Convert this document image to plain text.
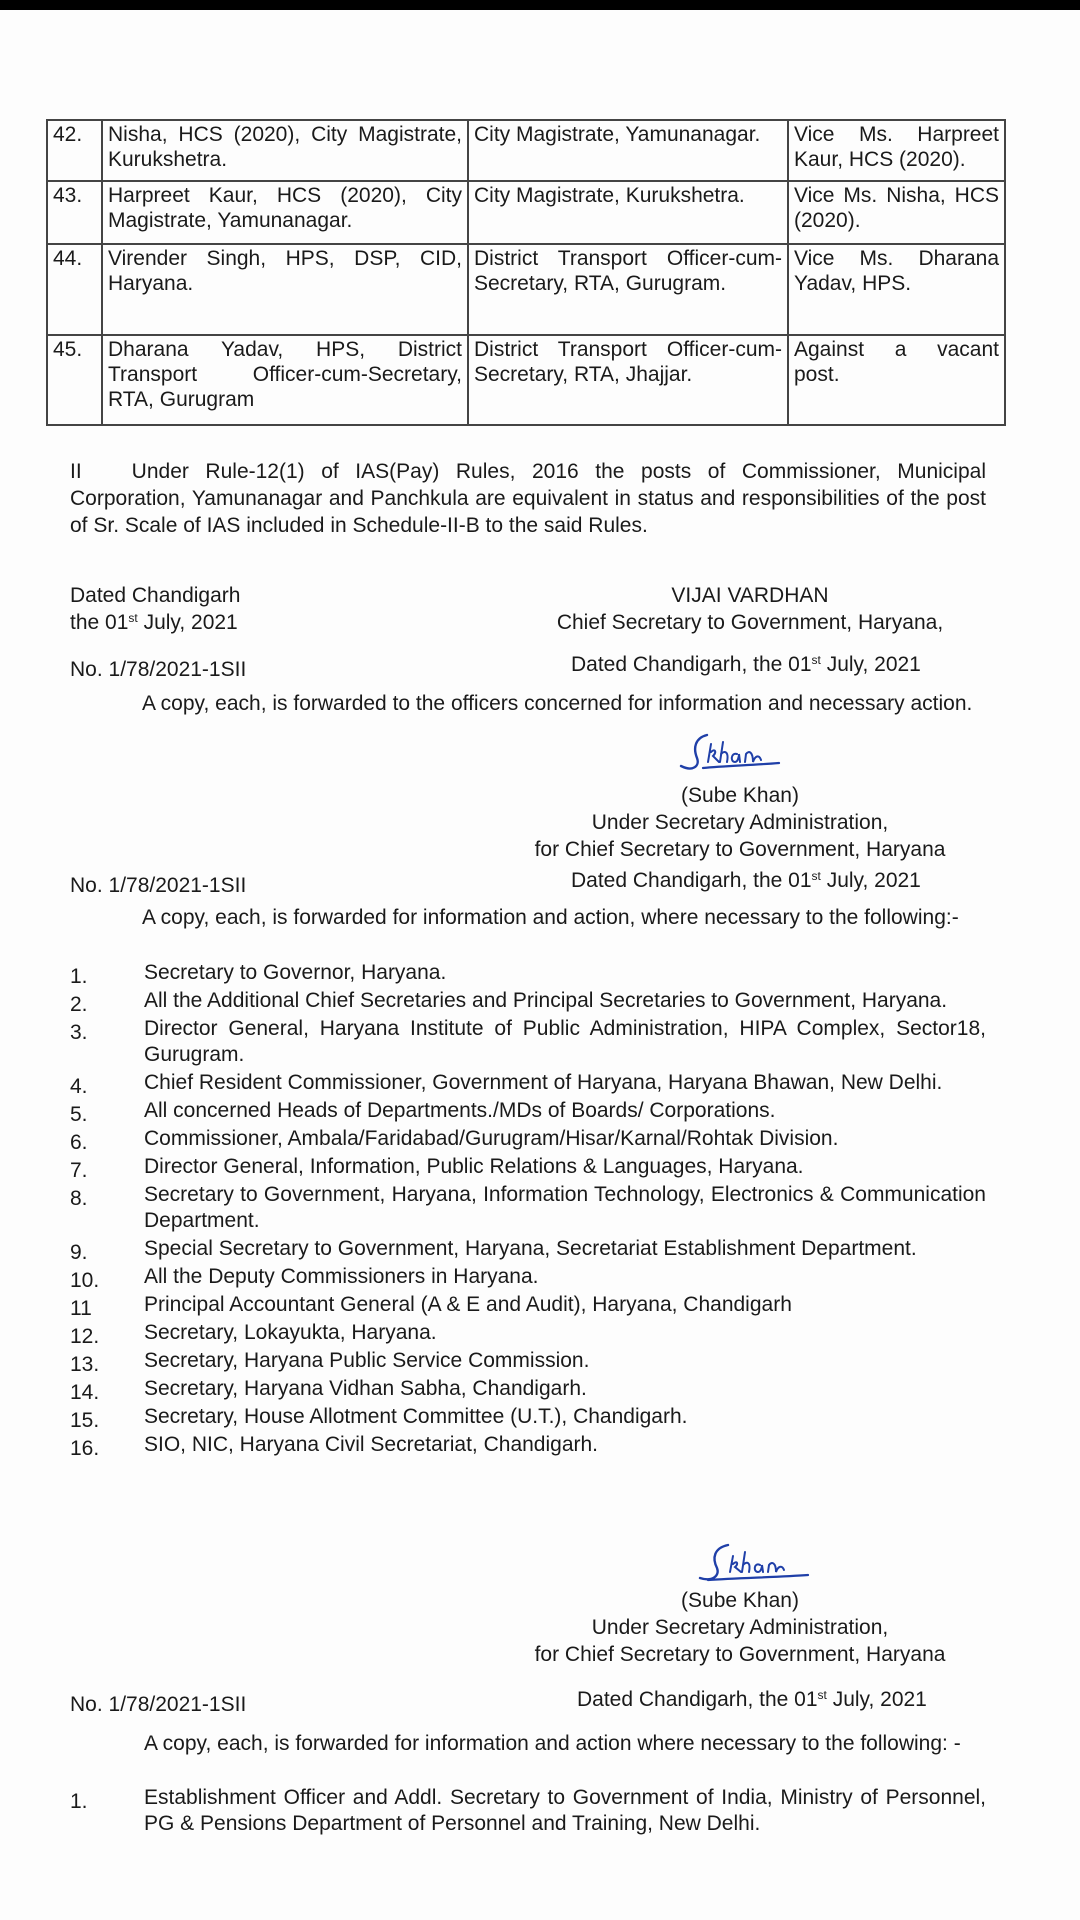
42.	Nisha, HCS (2020), City Magistrate, Kurukshetra.	City Magistrate, Yamunanagar.	Vice Ms. Harpreet Kaur, HCS (2020).
43.	Harpreet Kaur, HCS (2020), City Magistrate, Yamunanagar.	City Magistrate, Kurukshetra.	Vice Ms. Nisha, HCS (2020).
44.	Virender Singh, HPS, DSP, CID, Haryana.	District Transport Officer-cum-Secretary, RTA, Gurugram.	Vice Ms. Dharana Yadav, HPS.
45.	Dharana Yadav, HPS, District Transport Officer-cum-Secretary, RTA, Gurugram	District Transport Officer-cum-Secretary, RTA, Jhajjar.	Against a vacant post.
II Under Rule-12(1) of IAS(Pay) Rules, 2016 the posts of Commissioner, Municipal Corporation, Yamunanagar and Panchkula are equivalent in status and responsibilities of the post of Sr. Scale of IAS included in Schedule-II-B to the said Rules.
Dated Chandigarh
the 01st July, 2021
VIJAI VARDHAN
Chief Secretary to Government, Haryana,
No. 1/78/2021-1SII	Dated Chandigarh, the 01st July, 2021
A copy, each, is forwarded to the officers concerned for information and necessary action.
(Sube Khan)
Under Secretary Administration,
for Chief Secretary to Government, Haryana
No. 1/78/2021-1SII	Dated Chandigarh, the 01st July, 2021
A copy, each, is forwarded for information and action, where necessary to the following:-
1.	Secretary to Governor, Haryana.
2.	All the Additional Chief Secretaries and Principal Secretaries to Government, Haryana.
3.	Director General, Haryana Institute of Public Administration, HIPA Complex, Sector18, Gurugram.
4.	Chief Resident Commissioner, Government of Haryana, Haryana Bhawan, New Delhi.
5.	All concerned Heads of Departments./MDs of Boards/ Corporations.
6.	Commissioner, Ambala/Faridabad/Gurugram/Hisar/Karnal/Rohtak Division.
7.	Director General, Information, Public Relations & Languages, Haryana.
8.	Secretary to Government, Haryana, Information Technology, Electronics & Communication Department.
9.	Special Secretary to Government, Haryana, Secretariat Establishment Department.
10. All the Deputy Commissioners in Haryana.
11 Principal Accountant General (A & E and Audit), Haryana, Chandigarh
12. Secretary, Lokayukta, Haryana.
13. Secretary, Haryana Public Service Commission.
14. Secretary, Haryana Vidhan Sabha, Chandigarh.
15. Secretary, House Allotment Committee (U.T.), Chandigarh.
16. SIO, NIC, Haryana Civil Secretariat, Chandigarh.
(Sube Khan)
Under Secretary Administration,
for Chief Secretary to Government, Haryana
No. 1/78/2021-1SII	Dated Chandigarh, the 01st July, 2021
A copy, each, is forwarded for information and action where necessary to the following: -
1.	Establishment Officer and Addl. Secretary to Government of India, Ministry of Personnel, PG & Pensions Department of Personnel and Training, New Delhi.
